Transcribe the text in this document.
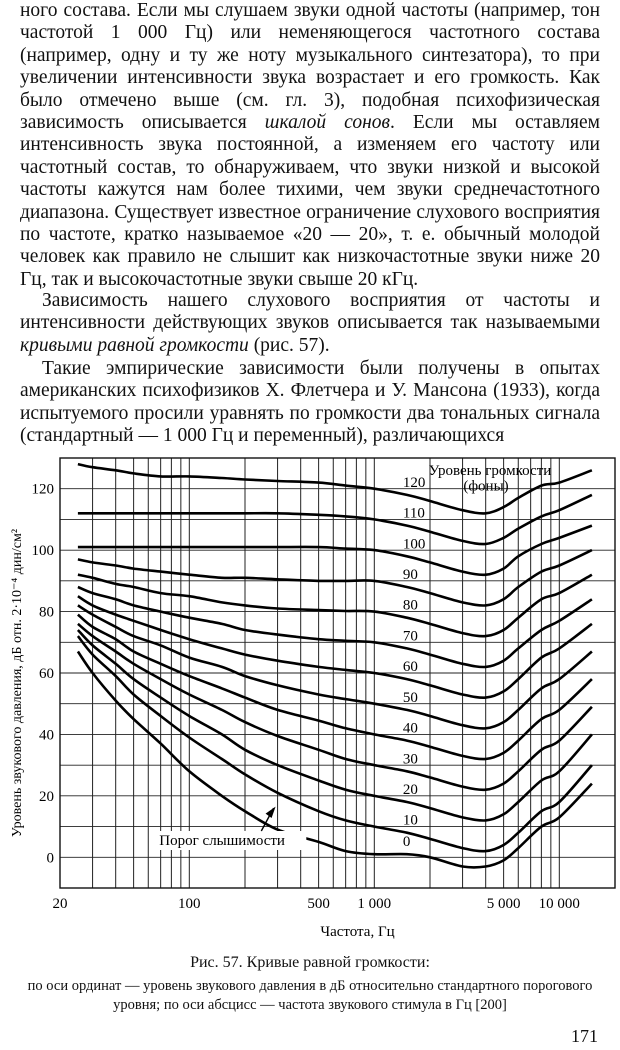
ного состава. Если мы слушаем звуки одной частоты (например, тон частотой 1 000 Гц) или неменяющегося частотного состава (например, одну и ту же ноту музыкального синтезатора), то при увеличении интенсивности звука возрастает и его громкость. Как было отмечено выше (см. гл. 3), подобная психофизическая зависимость описывается шкалой сонов. Если мы оставляем интенсивность звука постоянной, а изменяем его частоту или частотный состав, то обнаруживаем, что звуки низкой и высокой частоты кажутся нам более тихими, чем звуки среднечастотного диапазона. Существует известное ограничение слухового восприятия по частоте, кратко называемое «20 — 20», т. е. обычный молодой человек как правило не слышит как низкочастотные звуки ниже 20 Гц, так и высокочастотные звуки свыше 20 кГц.
Зависимость нашего слухового восприятия от частоты и интенсивности действующих звуков описывается так называемыми кривыми равной громкости (рис. 57).
Такие эмпирические зависимости были получены в опытах американских психофизиков Х. Флетчера и У. Мансона (1933), когда испытуемого просили уравнять по громкости два тональных сигнала (стандартный — 1 000 Гц и переменный), различающихся
120
110
100
90
80
70
60
50
40
30
20
10
0
Уровень громкости
(фоны)
Порог слышимости
0
20
40
60
80
100
120
20	100	500 1 000	5 000 10 000
Частота, Гц
Уровень звукового давления, дБ отн. 2·10⁻⁴ дин/см²
Рис. 57. Кривые равной громкости:
по оси ординат — уровень звукового давления в дБ относительно стандартного порогового уровня; по оси абсцисс — частота звукового стимула в Гц [200]
171
